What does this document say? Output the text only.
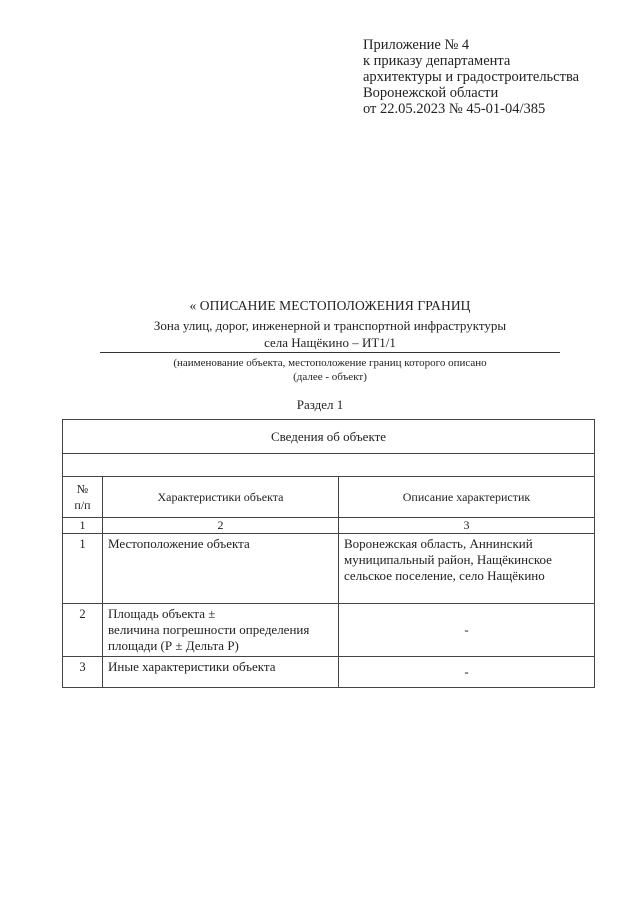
Приложение № 4
к приказу департамента
архитектуры и градостроительства
Воронежской области
от 22.05.2023 № 45-01-04/385
« ОПИСАНИЕ МЕСТОПОЛОЖЕНИЯ ГРАНИЦ
Зона улиц, дорог, инженерной и транспортной инфраструктуры
села Нащёкино – ИТ1/1
(наименование объекта, местоположение границ которого описано
(далее - объект)
Раздел 1
Сведения об объекте		

№
п/п	Характеристики объекта	Описание характеристик
1	2	3
1	Местоположение объекта	Воронежская область, Аннинский
муниципальный район, Нащёкинское
сельское поселение, село Нащёкино

2	Площадь объекта ±
величина погрешности определения
площади (Р ± Дельта Р)	-
3	Иные характеристики объекта	-
